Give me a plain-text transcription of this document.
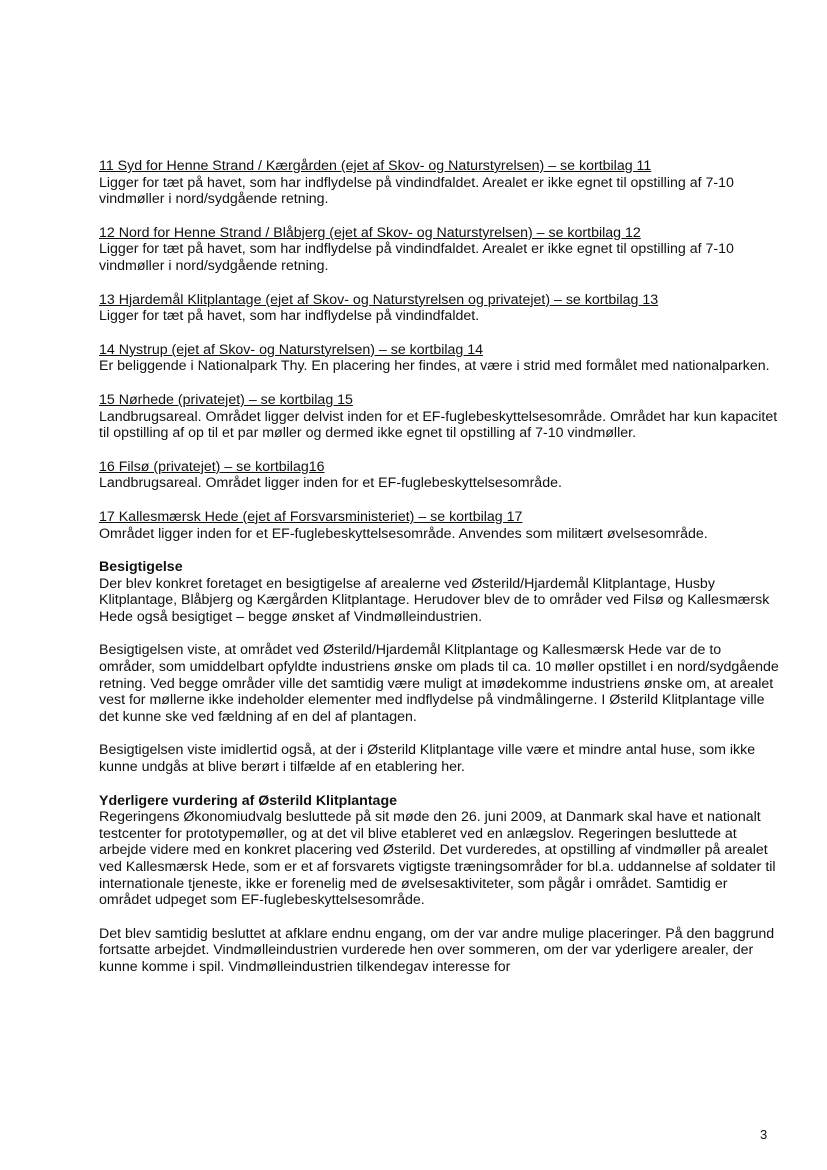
11 Syd for Henne Strand / Kærgården (ejet af Skov- og Naturstyrelsen) – se kortbilag 11
Ligger for tæt på havet, som har indflydelse på vindindfaldet. Arealet er ikke egnet til opstilling af 7-10 vindmøller i nord/sydgående retning.
12 Nord for Henne Strand / Blåbjerg (ejet af Skov- og Naturstyrelsen) – se kortbilag 12
Ligger for tæt på havet, som har indflydelse på vindindfaldet. Arealet er ikke egnet til opstilling af 7-10 vindmøller i nord/sydgående retning.
13 Hjardemål Klitplantage (ejet af Skov- og Naturstyrelsen og privatejet) – se kortbilag 13
Ligger for tæt på havet, som har indflydelse på vindindfaldet.
14 Nystrup (ejet af Skov- og Naturstyrelsen) – se kortbilag 14
Er beliggende i Nationalpark Thy. En placering her findes, at være i strid med formålet med nationalparken.
15 Nørhede (privatejet) – se kortbilag 15
Landbrugsareal. Området ligger delvist inden for et EF-fuglebeskyttelsesområde. Området har kun kapacitet til opstilling af op til et par møller og dermed ikke egnet til opstilling af 7-10 vindmøller.
16 Filsø (privatejet) – se kortbilag16
Landbrugsareal. Området ligger inden for et EF-fuglebeskyttelsesområde.
17 Kallesmærsk Hede (ejet af Forsvarsministeriet) – se kortbilag 17
Området ligger inden for et EF-fuglebeskyttelsesområde. Anvendes som militært øvelsesområde.
Besigtigelse

Der blev konkret foretaget en besigtigelse af arealerne ved Østerild/Hjardemål Klitplantage, Husby Klitplantage, Blåbjerg og Kærgården Klitplantage. Herudover blev de to områder ved Filsø og Kallesmærsk Hede også besigtiget – begge ønsket af Vindmølleindustrien.

Besigtigelsen viste, at området ved Østerild/Hjardemål Klitplantage og Kallesmærsk Hede var de to områder, som umiddelbart opfyldte industriens ønske om plads til ca. 10 møller opstillet i en nord/sydgående retning. Ved begge områder ville det samtidig være muligt at imødekomme industriens ønske om, at arealet vest for møllerne ikke indeholder elementer med indflydelse på vindmålingerne. I Østerild Klitplantage ville det kunne ske ved fældning af en del af plantagen.

Besigtigelsen viste imidlertid også, at der i Østerild Klitplantage ville være et mindre antal huse, som ikke kunne undgås at blive berørt i tilfælde af en etablering her.

Yderligere vurdering af Østerild Klitplantage

Regeringens Økonomiudvalg besluttede på sit møde den 26. juni 2009, at Danmark skal have et nationalt testcenter for prototypemøller, og at det vil blive etableret ved en anlægslov. Regeringen besluttede at arbejde videre med en konkret placering ved Østerild. Det vurderedes, at opstilling af vindmøller på arealet ved Kallesmærsk Hede, som er et af forsvarets vigtigste træningsområder for bl.a. uddannelse af soldater til internationale tjeneste, ikke er forenelig med de øvelsesaktiviteter, som pågår i området. Samtidig er området udpeget som EF-fuglebeskyttelsesområde.

Det blev samtidig besluttet at afklare endnu engang, om der var andre mulige placeringer. På den baggrund fortsatte arbejdet. Vindmølleindustrien vurderede hen over sommeren, om der var yderligere arealer, der kunne komme i spil. Vindmølleindustrien tilkendegav interesse for

3
